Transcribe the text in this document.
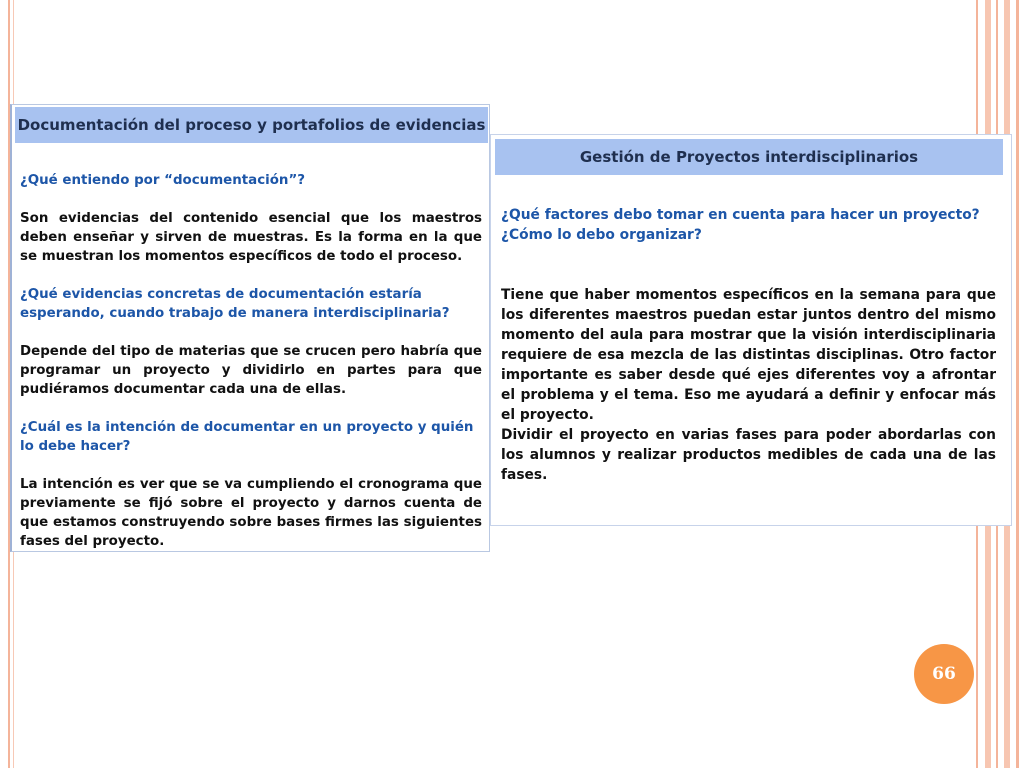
Documentación del proceso y portafolios de evidencias

¿Qué entiendo por “documentación”?

Son evidencias del contenido esencial que los maestros deben enseñar y sirven de muestras. Es la forma en la que se muestran los momentos específicos de todo el proceso.

¿Qué evidencias concretas de documentación estaría esperando, cuando trabajo de manera interdisciplinaria?

Depende del tipo de materias que se crucen pero habría que programar un proyecto y dividirlo en partes para que pudiéramos documentar cada una de ellas.

¿Cuál es la intención de documentar en un proyecto y quién lo debe hacer?

La intención es ver que se va cumpliendo el cronograma que previamente se fijó sobre el proyecto y darnos cuenta de que estamos construyendo sobre bases firmes las siguientes fases del proyecto.

Gestión de Proyectos interdisciplinarios

¿Qué factores debo tomar en cuenta para hacer un proyecto?

¿Cómo lo debo organizar?

Tiene que haber momentos específicos en la semana para que los diferentes maestros puedan estar juntos dentro del mismo momento del aula para mostrar que la visión interdisciplinaria requiere de esa mezcla de las distintas disciplinas. Otro factor importante es saber desde qué ejes diferentes voy a afrontar el problema y el tema. Eso me ayudará a definir y enfocar más el proyecto.

Dividir el proyecto en varias fases para poder abordarlas con los alumnos y realizar productos medibles de cada una de las fases.

66
